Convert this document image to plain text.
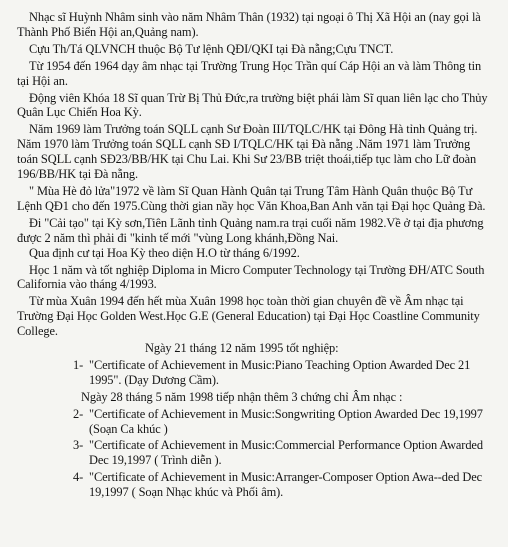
Nhạc sĩ Huỳnh Nhâm sinh vào năm Nhâm Thân (1932) tại ngoại ô Thị Xã Hội an (nay gọi là Thành Phố Biển Hội an,Quảng nam).

Cựu Th/Tá QLVNCH thuộc Bộ Tư lệnh QĐI/QKI tại Đà nẵng;Cựu TNCT.

Từ 1954 đến 1964 dạy âm nhạc tại Trường Trung Học Trần quí Cáp Hội an và làm Thông tin tại Hội an.

Động viên Khóa 18 Sĩ quan Trừ Bị Thủ Đức,ra trường biệt phái làm Sĩ quan liên lạc cho Thủy Quân Lục Chiến Hoa Kỳ.

Năm 1969 làm Trưởng toán SQLL cạnh Sư Đoàn III/TQLC/HK tại Đông Hà tỉnh Quảng trị. Năm 1970 làm Trưởng toán SQLL cạnh SĐ I/TQLC/HK tại Đà nẵng .Năm 1971 làm Trưởng toán SQLL cạnh SĐ23/BB/HK tại Chu Lai. Khi Sư 23/BB triệt thoái,tiếp tục làm cho Lữ đoàn 196/BB/HK tại Đà nẵng.

" Mùa Hè đỏ lửa"1972 về làm Sĩ Quan Hành Quân tại Trung Tâm Hành Quân thuộc Bộ Tư Lệnh QĐ1 cho đến 1975.Cùng thời gian nầy học Văn Khoa,Ban Anh văn tại Đại học Quảng Đà.

Đi "Cải tạo" tại Kỳ sơn,Tiên Lãnh tỉnh Quảng nam.ra trại cuối năm 1982.Về ở tại địa phương được 2 năm thì phải đi "kinh tế mới "vùng Long khánh,Đồng Nai.

Qua định cư tại Hoa Kỳ theo diện H.O từ tháng 6/1992.

Học 1 năm và tốt nghiệp Diploma in Micro Computer Technology tại Trường ĐH/ATC South California vào tháng 4/1993.

Từ mùa Xuân 1994 đến hết mùa Xuân 1998 học toàn thời gian chuyên đề về Âm nhạc tại Trường Đại Học Golden West.Học G.E (General Education) tại Đại Học Coastline Community College.

Ngày 21 tháng 12 năm 1995 tốt nghiệp:

1- "Certificate of Achievement in Music:Piano Teaching Option Awarded Dec 21 1995". (Dạy Dương Cầm).

Ngày 28 tháng 5 năm 1998 tiếp nhận thêm 3 chứng chỉ Âm nhạc :

2- "Certificate of Achievement in Music:Songwriting Option Awarded Dec 19,1997 (Soạn Ca khúc )
3- "Certificate of Achievement in Music:Commercial Performance Option Awarded Dec 19,1997 ( Trình diễn ).
4- "Certificate of Achievement in Music:Arranger-Composer Option Awa--ded Dec 19,1997 ( Soạn Nhạc khúc và Phối âm).
